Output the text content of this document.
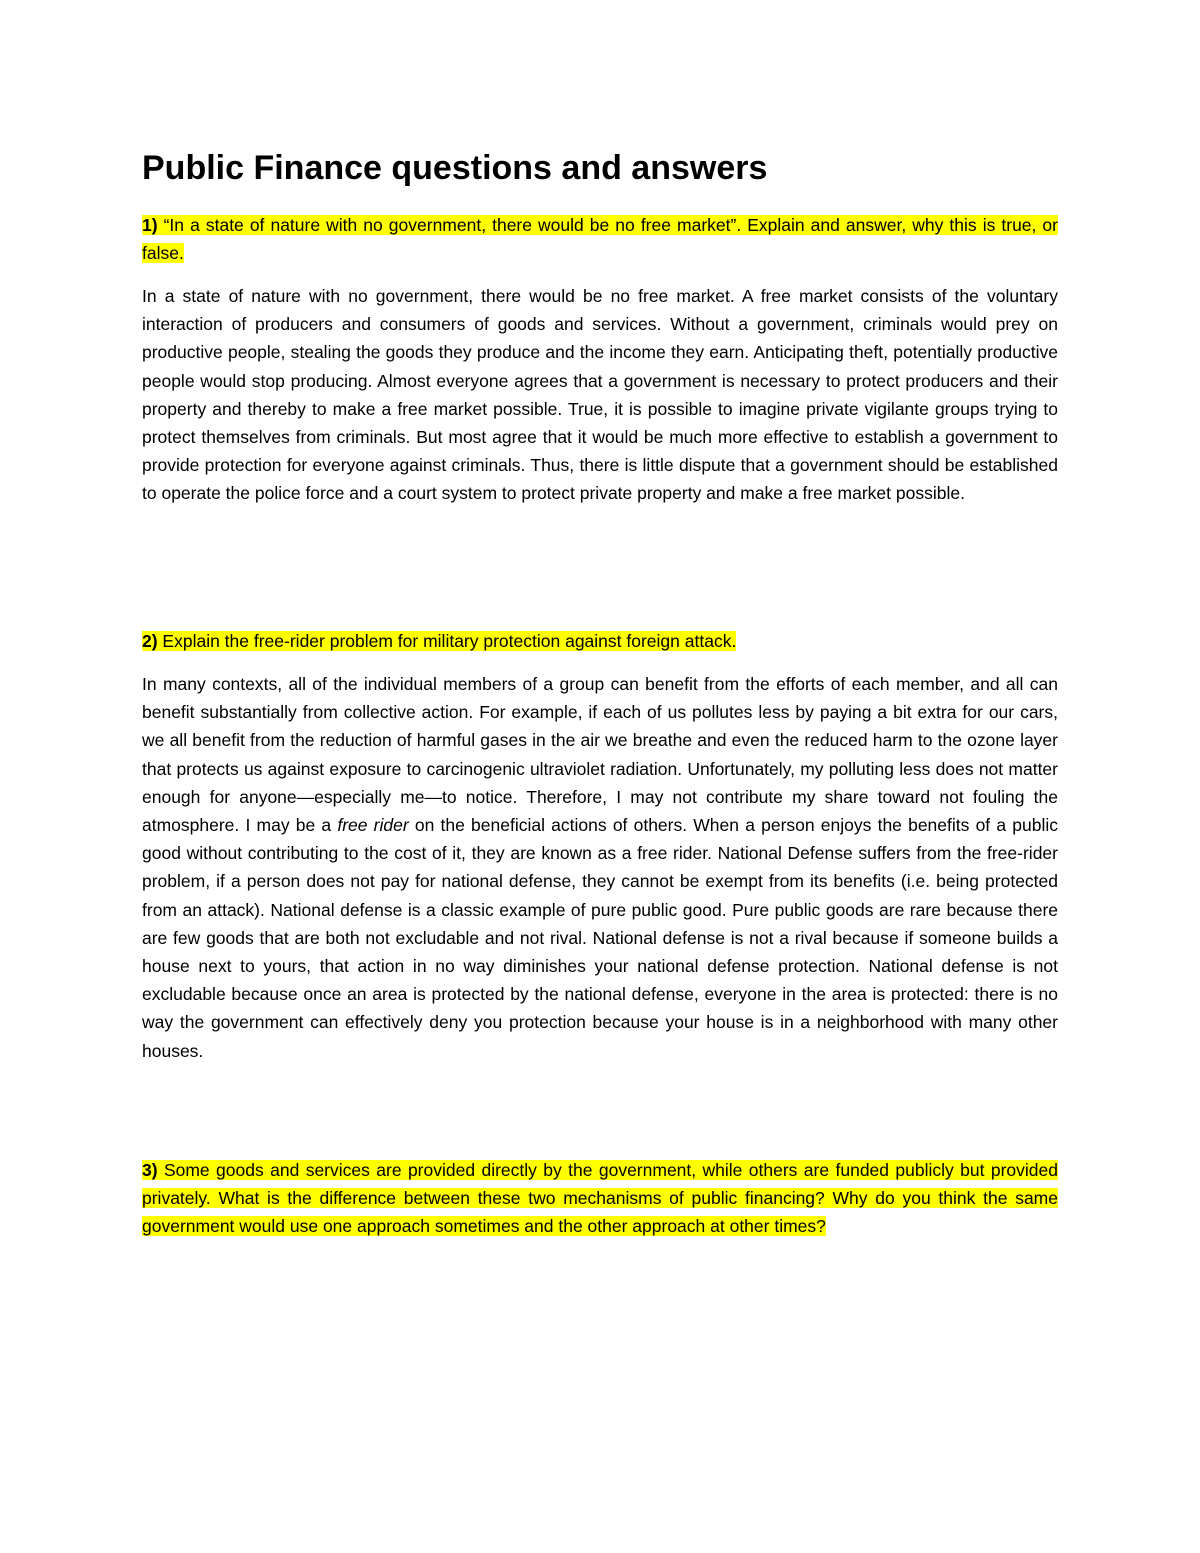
Public Finance questions and answers

1) “In a state of nature with no government, there would be no free market”. Explain and answer, why this is true, or false.

In a state of nature with no government, there would be no free market. A free market consists of the voluntary interaction of producers and consumers of goods and services. Without a government, criminals would prey on productive people, stealing the goods they produce and the income they earn. Anticipating theft, potentially productive people would stop producing. Almost everyone agrees that a government is necessary to protect producers and their property and thereby to make a free market possible. True, it is possible to imagine private vigilante groups trying to protect themselves from criminals. But most agree that it would be much more effective to establish a government to provide protection for everyone against criminals. Thus, there is little dispute that a government should be established to operate the police force and a court system to protect private property and make a free market possible.

2) Explain the free-rider problem for military protection against foreign attack.

In many contexts, all of the individual members of a group can benefit from the efforts of each member, and all can benefit substantially from collective action. For example, if each of us pollutes less by paying a bit extra for our cars, we all benefit from the reduction of harmful gases in the air we breathe and even the reduced harm to the ozone layer that protects us against exposure to carcinogenic ultraviolet radiation. Unfortunately, my polluting less does not matter enough for anyone—especially me—to notice. Therefore, I may not contribute my share toward not fouling the atmosphere. I may be a free rider on the beneficial actions of others. When a person enjoys the benefits of a public good without contributing to the cost of it, they are known as a free rider. National Defense suffers from the free-rider problem, if a person does not pay for national defense, they cannot be exempt from its benefits (i.e. being protected from an attack). National defense is a classic example of pure public good. Pure public goods are rare because there are few goods that are both not excludable and not rival. National defense is not a rival because if someone builds a house next to yours, that action in no way diminishes your national defense protection. National defense is not excludable because once an area is protected by the national defense, everyone in the area is protected: there is no way the government can effectively deny you protection because your house is in a neighborhood with many other houses.

3) Some goods and services are provided directly by the government, while others are funded publicly but provided privately. What is the difference between these two mechanisms of public financing? Why do you think the same government would use one approach sometimes and the other approach at other times?
